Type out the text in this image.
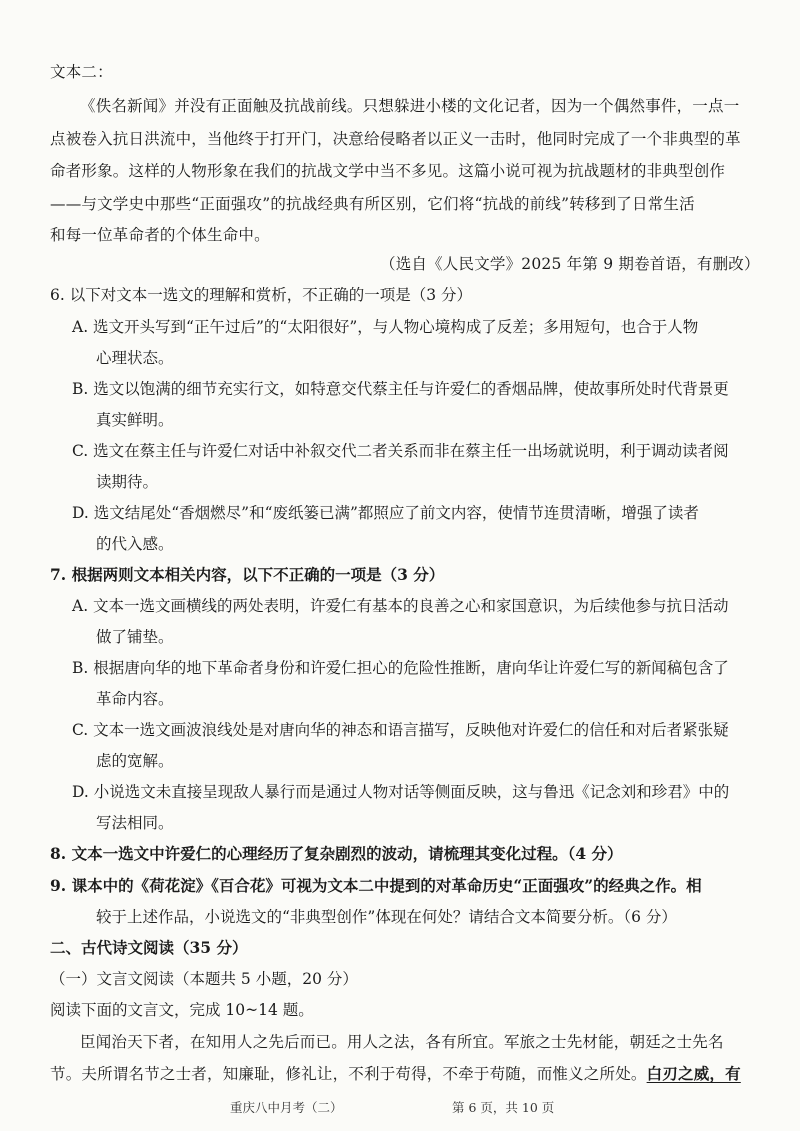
文本二：
《佚名新闻》并没有正面触及抗战前线。只想躲进小楼的文化记者，因为一个偶然事件，一点一
点被卷入抗日洪流中，当他终于打开门，决意给侵略者以正义一击时，他同时完成了一个非典型的革
命者形象。这样的人物形象在我们的抗战文学中当不多见。这篇小说可视为抗战题材的非典型创作
——与文学史中那些“正面强攻”的抗战经典有所区别，它们将“抗战的前线”转移到了日常生活
和每一位革命者的个体生命中。
（选自《人民文学》2025 年第 9 期卷首语，有删改）
6. 以下对文本一选文的理解和赏析，不正确的一项是（3 分）
A. 选文开头写到“正午过后”的“太阳很好”，与人物心境构成了反差；多用短句，也合于人物
心理状态。
B. 选文以饱满的细节充实行文，如特意交代蔡主任与许爱仁的香烟品牌，使故事所处时代背景更
真实鲜明。
C. 选文在蔡主任与许爱仁对话中补叙交代二者关系而非在蔡主任一出场就说明，利于调动读者阅
读期待。
D. 选文结尾处“香烟燃尽”和“废纸篓已满”都照应了前文内容，使情节连贯清晰，增强了读者
的代入感。
7. 根据两则文本相关内容，以下不正确的一项是（3 分）
A. 文本一选文画横线的两处表明，许爱仁有基本的良善之心和家国意识，为后续他参与抗日活动
做了铺垫。
B. 根据唐向华的地下革命者身份和许爱仁担心的危险性推断，唐向华让许爱仁写的新闻稿包含了
革命内容。
C. 文本一选文画波浪线处是对唐向华的神态和语言描写，反映他对许爱仁的信任和对后者紧张疑
虑的宽解。
D. 小说选文未直接呈现敌人暴行而是通过人物对话等侧面反映，这与鲁迅《记念刘和珍君》中的
写法相同。
8. 文本一选文中许爱仁的心理经历了复杂剧烈的波动，请梳理其变化过程。（4 分）
9. 课本中的《荷花淀》《百合花》可视为文本二中提到的对革命历史“正面强攻”的经典之作。相
较于上述作品，小说选文的“非典型创作”体现在何处？请结合文本简要分析。（6 分）
二、古代诗文阅读（35 分）
（一）文言文阅读（本题共 5 小题，20 分）
阅读下面的文言文，完成 10~14 题。
臣闻治天下者，在知用人之先后而已。用人之法，各有所宜。军旅之士先材能，朝廷之士先名
节。夫所谓名节之士者，知廉耻，修礼让，不利于苟得，不牵于苟随，而惟义之所处。白刃之威，有
重庆八中月考（二）	第 6 页，共 10 页
